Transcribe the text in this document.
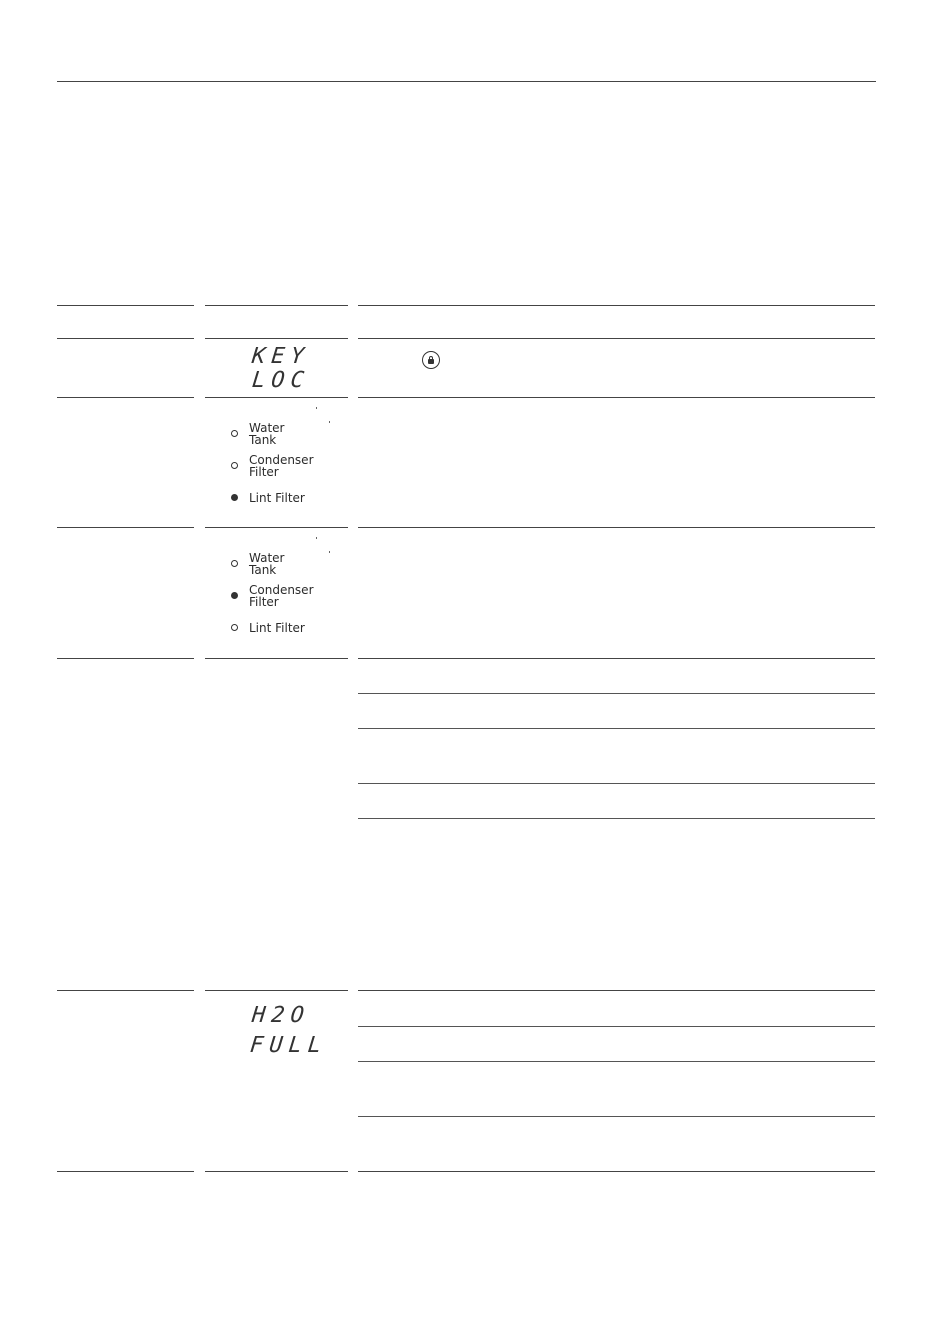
KEY
LOC
Water
Tank
Condenser
Filter
Lint Filter
Water
Tank
Condenser
Filter
Lint Filter
H2O
FULL
